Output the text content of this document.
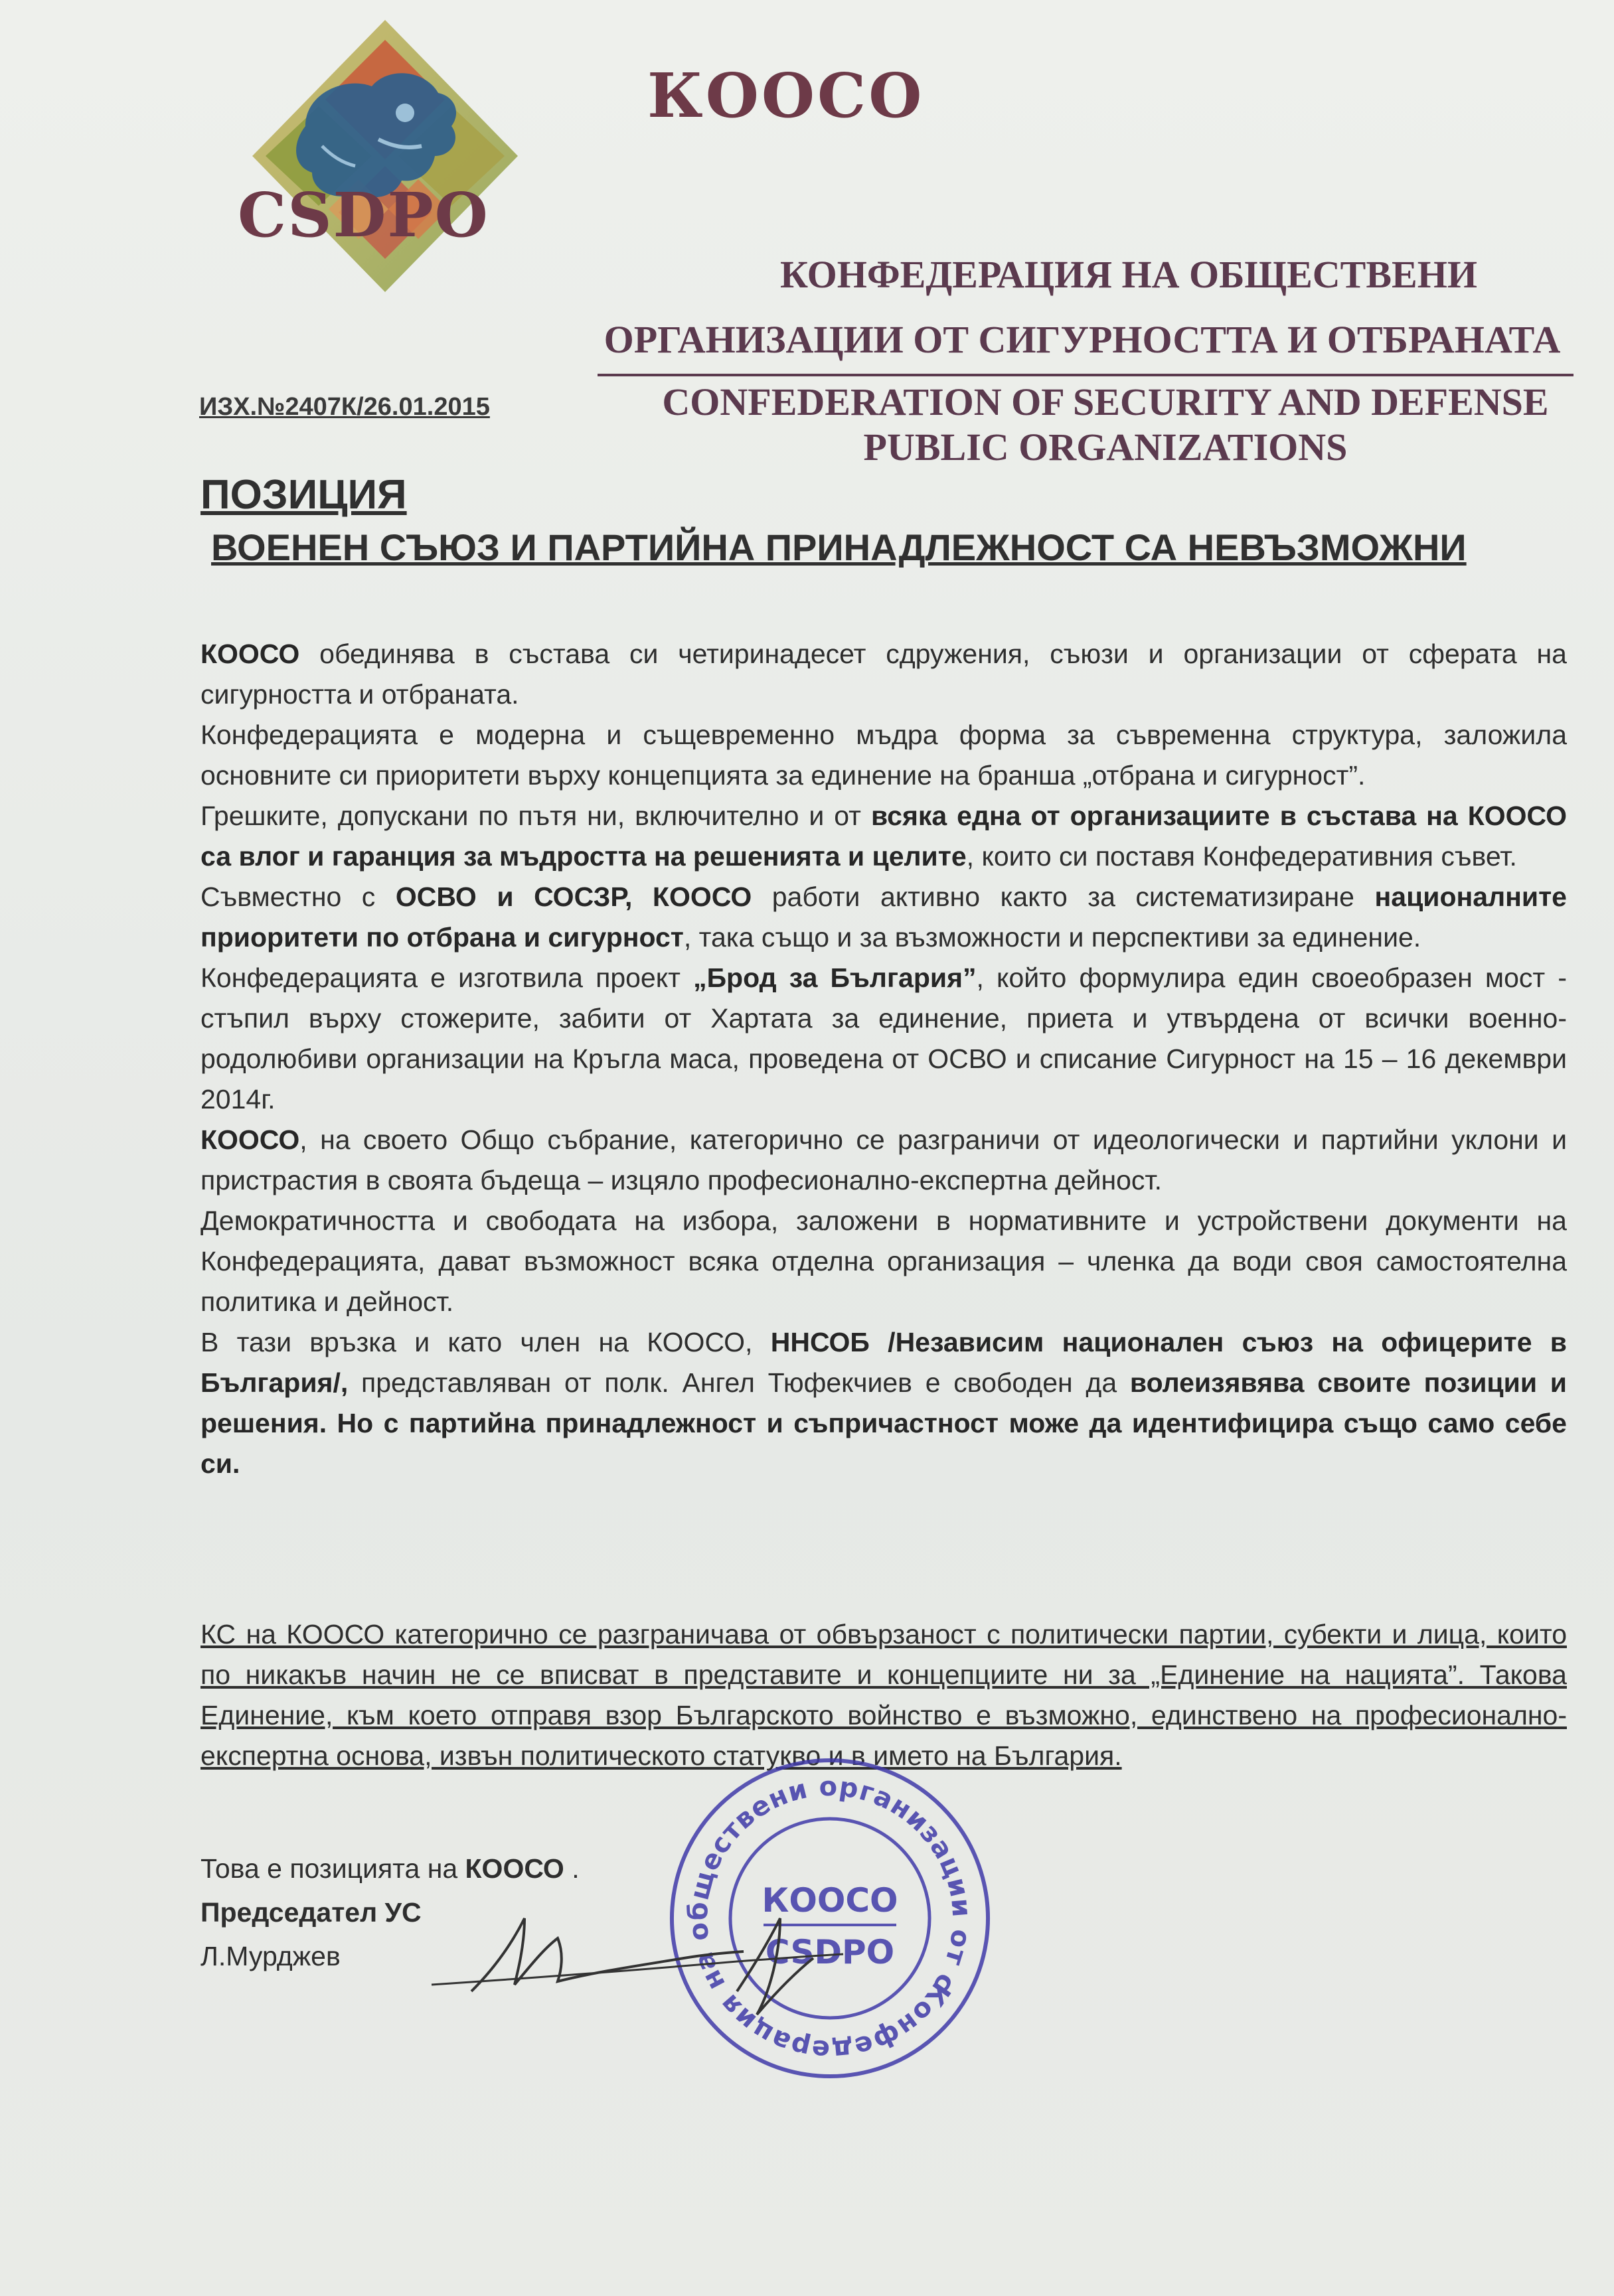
КООСО
CSDPO
КОНФЕДЕРАЦИЯ НА ОБЩЕСТВЕНИ
ОРГАНИЗАЦИИ ОТ СИГУРНОСТТА И ОТБРАНАТА
CONFEDERATION OF SECURITY AND DEFENSE
PUBLIC ORGANIZATIONS
ИЗХ.№2407К/26.01.2015
ПОЗИЦИЯ
ВОЕНЕН СЪЮЗ И ПАРТИЙНА ПРИНАДЛЕЖНОСТ СА НЕВЪЗМОЖНИ

КООСО обединява в състава си четиринадесет сдружения, съюзи и организации от сферата на сигурността и отбраната.

Конфедерацията е модерна и същевременно мъдра форма за съвременна структура, заложила основните си приоритети върху концепцията за единение на бранша „отбрана и сигурност”.

Грешките, допускани по пътя ни, включително и от всяка една от организациите в състава на КООСО са влог и гаранция за мъдростта на решенията и целите, които си поставя Конфедеративния съвет.

Съвместно с ОСВО и СОСЗР, КООСО работи активно както за систематизиране националните приоритети по отбрана и сигурност, така също и за възможности и перспективи за единение.

Конфедерацията е изготвила проект „Брод за България”, който формулира един своеобразен мост - стъпил върху стожерите, забити от Хартата за единение, приета и утвърдена от всички военно-родолюбиви организации на Кръгла маса, проведена от ОСВО и списание Сигурност на 15 – 16 декември 2014г.

КООСО, на своето Общо събрание, категорично се разграничи от идеологически и партийни уклони и пристрастия в своята бъдеща – изцяло професионално-експертна дейност.

Демократичността и свободата на избора, заложени в нормативните и устройствени документи на Конфедерацията, дават възможност всяка отделна организация – членка да води своя самостоятелна политика и дейност.

В тази връзка и като член на КООСО, ННСОБ /Независим национален съюз на офицерите в България/, представляван от полк. Ангел Тюфекчиев е свободен да волеизявява своите позиции и решения. Но с партийна принадлежност и съпричастност може да идентифицира също само себе си.

КС на КООСО категорично се разграничава от обвързаност с политически партии, субекти и лица, които по никакъв начин не се вписват в представите и концепциите ни за „Единение на нацията”. Такова Единение, към което отправя взор Българското войнство е възможно, единствено на професионално-експертна основа, извън политическото статукво и в името на България.
Конфедерация на обществени организации от сигурността
КООСО
CSDPO
Това е позицията на КООСО .
Председател УС
Л.Мурджев
